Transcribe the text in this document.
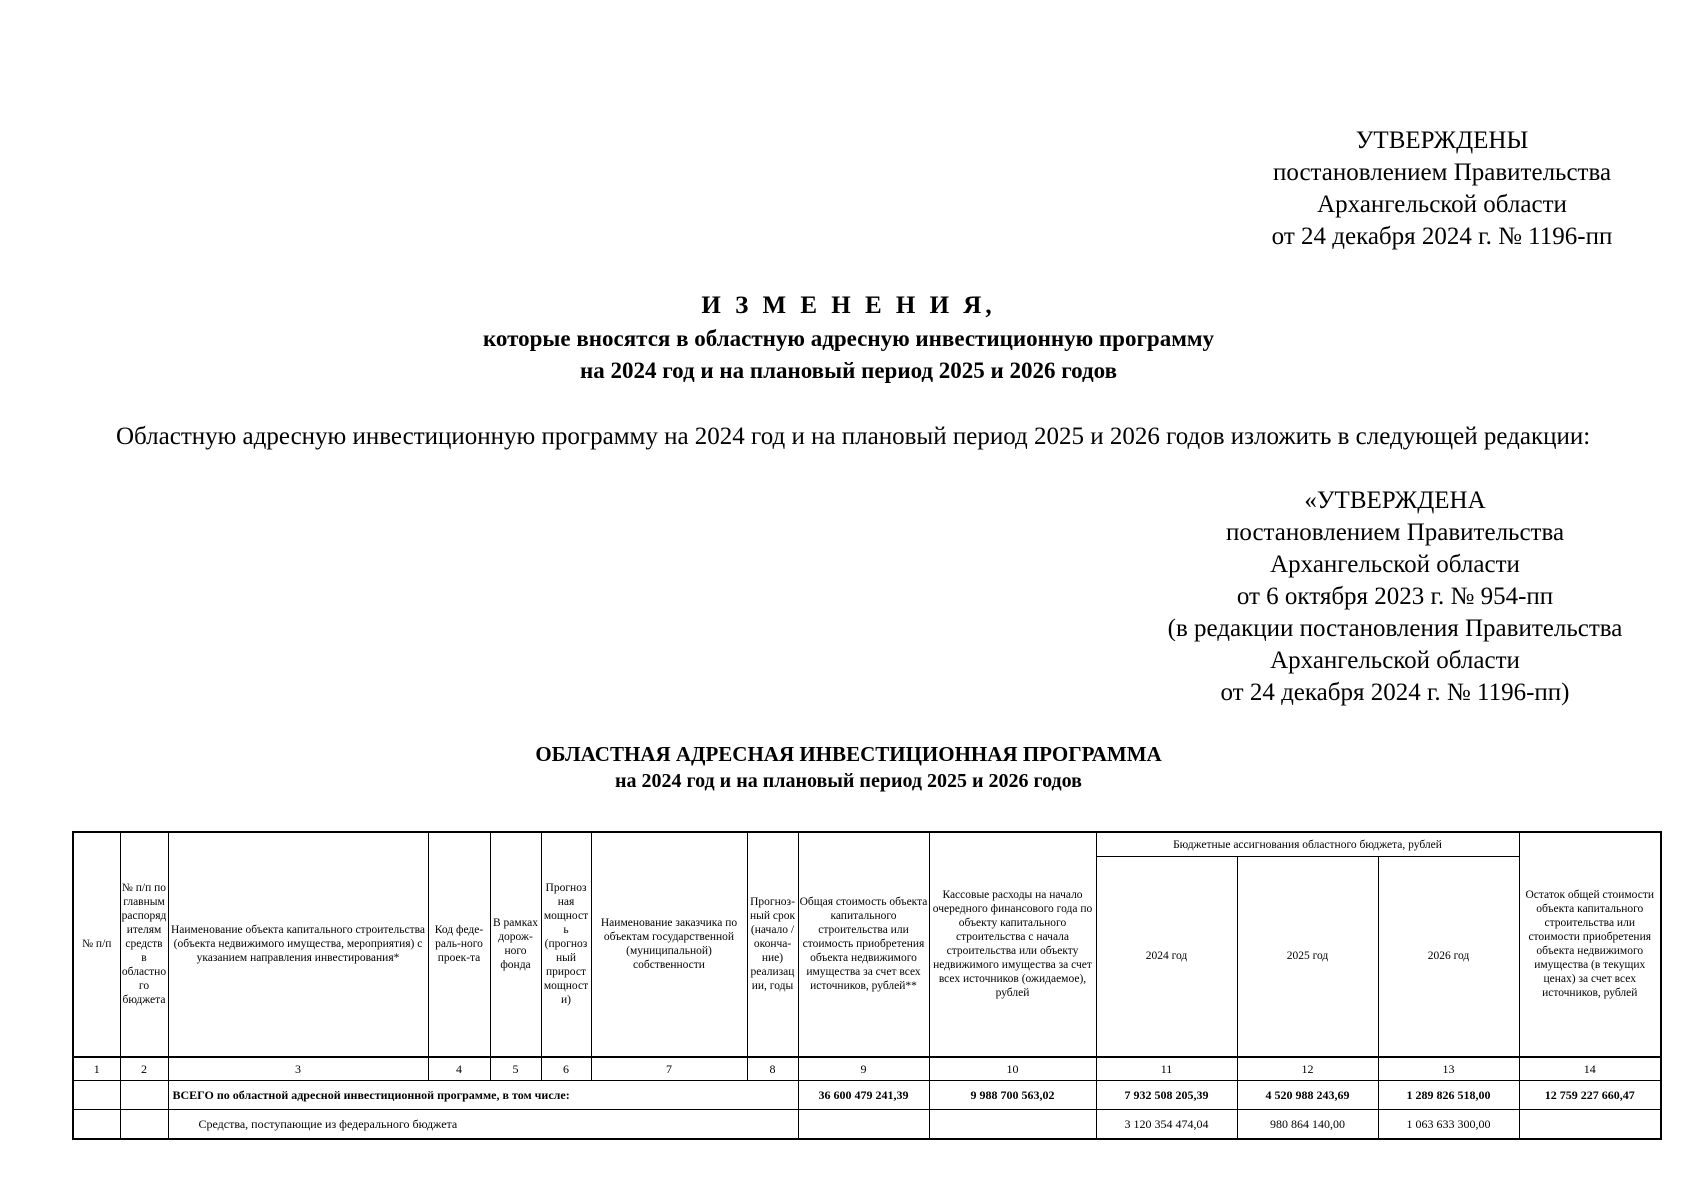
УТВЕРЖДЕНЫ
постановлением Правительства
Архангельской области
от 24 декабря 2024 г. № 1196-пп
И З М Е Н Е Н И Я,
которые вносятся в областную адресную инвестиционную программу
на 2024 год и на плановый период 2025 и 2026 годов
Областную адресную инвестиционную программу на 2024 год и на плановый период 2025 и 2026 годов изложить в следующей редакции:
«УТВЕРЖДЕНА
постановлением Правительства
Архангельской области
от 6 октября 2023 г. № 954-пп
(в редакции постановления Правительства
Архангельской области
от 24 декабря 2024 г. № 1196-пп)
ОБЛАСТНАЯ АДРЕСНАЯ ИНВЕСТИЦИОННАЯ ПРОГРАММА
на 2024 год и на плановый период 2025 и 2026 годов
№ п/п	№ п/п по главным распорядителям средств в областного бюджета	Наименование объекта капитального строительства (объекта недвижимого имущества, мероприятия) с указанием направления инвестирования*	Код феде-раль-ного проек-та	В рамках дорож-ного фонда	Прогнозная мощность (прогнозный прирост мощности)	Наименование заказчика по объектам государственной (муниципальной) собственности	Прогноз-ный срок (начало / оконча-ние) реализации, годы	Общая стоимость объекта капитального строительства или стоимость приобретения объекта недвижимого имущества за счет всех источников, рублей**	Кассовые расходы на начало очередного финансового года по объекту капитального строительства с начала строительства или объекту недвижимого имущества за счет всех источников (ожидаемое), рублей	Бюджетные ассигнования областного бюджета, рублей			Остаток общей стоимости объекта капитального строительства или стоимости приобретения объекта недвижимого имущества (в текущих ценах) за счет всех источников, рублей
										2024 год	2025 год	2026 год	
1	2	3	4	5	6	7	8	9	10	11	12	13	14
		ВСЕГО по областной адресной инвестиционной программе, в том числе:						36 600 479 241,39	9 988 700 563,02	7 932 508 205,39	4 520 988 243,69	1 289 826 518,00	12 759 227 660,47
		Средства, поступающие из федерального бюджета								3 120 354 474,04	980 864 140,00	1 063 633 300,00	
